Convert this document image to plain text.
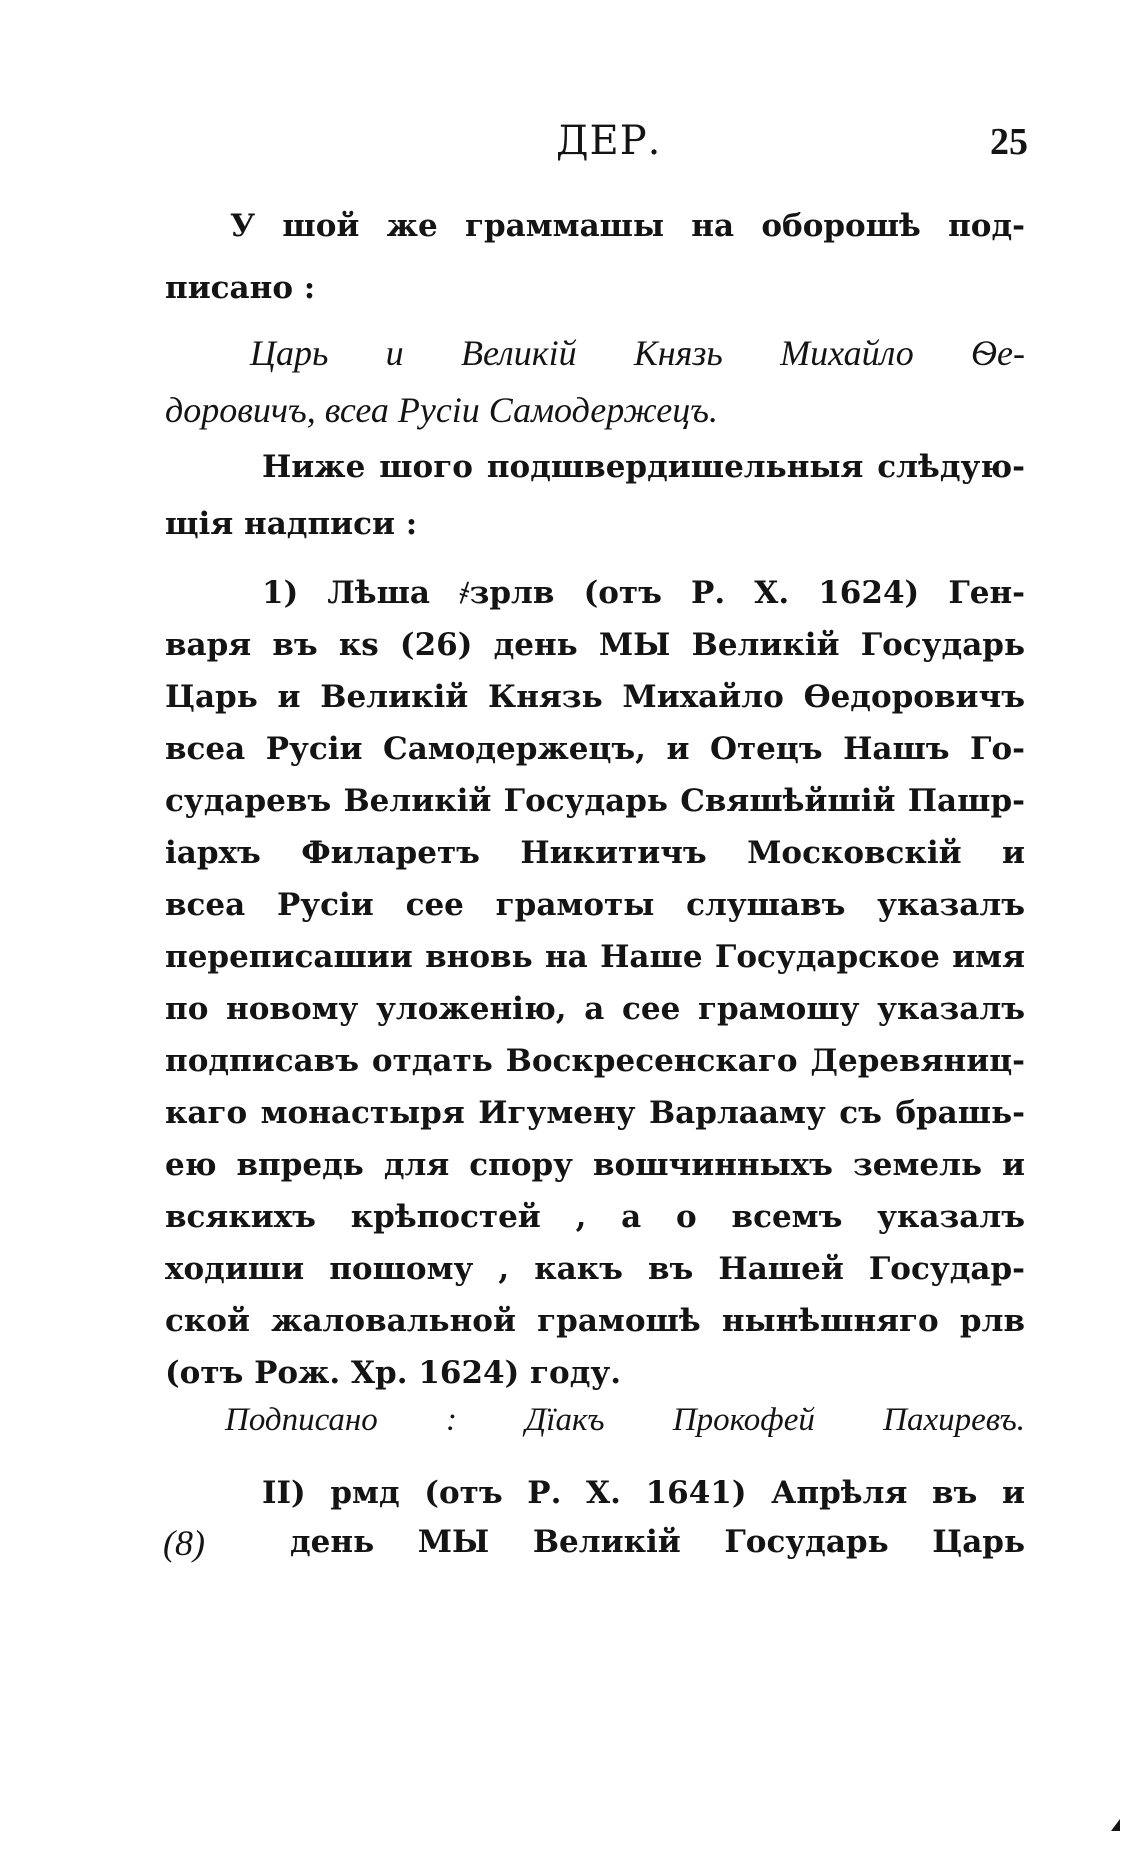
ДЕР.	25
У шой же граммашы на оборошѣ под-
писано :
Царь и Великій Князь Михайло Ѳе-
доровичъ, всеа Русіи Самодержецъ.
Ниже шого подшвердишельныя слѣдую-
щія надписи :
1) Лѣша ҂зрлв (отъ Р. Х. 1624) Ген-
варя въ кѕ (26) день МЫ Великій Государь
Царь и Великій Князь Михайло Ѳедоровичъ
всеа Русіи Самодержецъ, и Отецъ Нашъ Го-
сударевъ Великій Государь Свяшѣйшій Пашр-
іархъ Филаретъ Никитичъ Московскій и
всеа Русіи сее грамоты слушавъ указалъ
переписашии вновь на Наше Государское имя
по новому уложенію, а сее грамошу указалъ
подписавъ отдать Воскресенскаго Деревяниц-
каго монастыря Игумену Варлааму съ брашь-
ею впредь для спору вошчинныхъ земель и
всякихъ крѣпостей , а о всемъ указалъ
ходиши пошому , какъ въ Нашей Государ-
ской жаловальной грамошѣ нынѣшняго рлв
(отъ Рож. Хр. 1624) году.
Подписано : Дїакъ Прокофей Пахиревъ.
II) рмд (отъ Р. Х. 1641) Апрѣля въ и
(8)	день МЫ Великій Государь Царь
